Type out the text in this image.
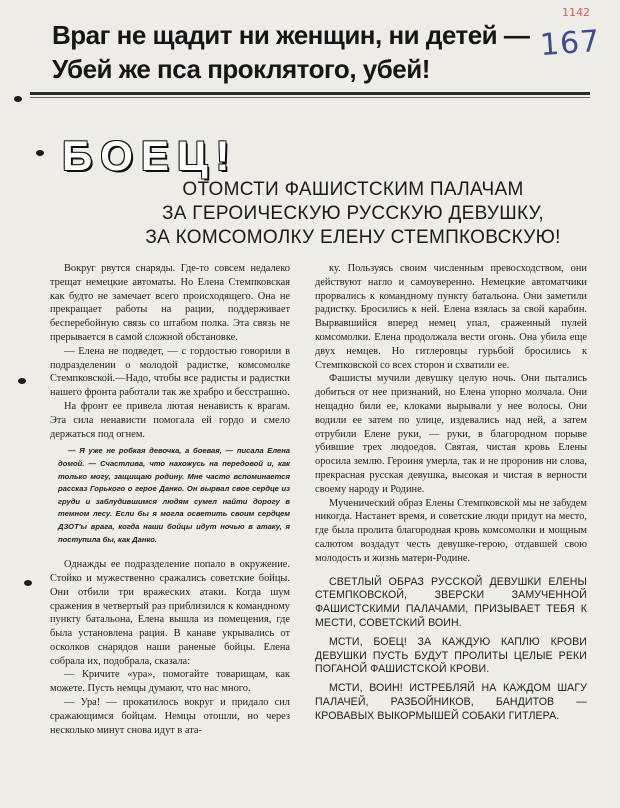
1142
167
Враг не щадит ни женщин, ни детей —
Убей же пса проклятого, убей!
БОЕЦ!
ОТОМСТИ ФАШИСТСКИМ ПАЛАЧАМ
ЗА ГЕРОИЧЕСКУЮ РУССКУЮ ДЕВУШКУ,
ЗА КОМСОМОЛКУ ЕЛЕНУ СТЕМПКОВСКУЮ!

Вокруг рвутся снаряды. Где-то совсем недалеко трещат немецкие автоматы. Но Елена Стемпковская как будто не замечает всего происходящего. Она не прекращает работы на рации, поддерживает бесперебойную связь со штабом полка. Эта связь не прерывается в самой сложной обстановке.

— Елена не подведет, — с гордостью говорили в подразделении о молодой радистке, комсомолке Стемпковской.—Надо, чтобы все радисты и радистки нашего фронта работали так же храбро и бесстрашно.

На фронт ее привела лютая ненависть к врагам. Эта сила ненависти помогала ей гордо и смело держаться под огнем.

— Я уже не робкая девочка, а боевая, — писала Елена домой. — Счастлива, что нахожусь на передовой и, как только могу, защищаю родину. Мне часто вспоминается рассказ Горького о герое Данко. Он вырвал свое сердце из груди и заблудившимся людям сумел найти дорогу в темном лесу. Если бы я могла осветить своим сердцем ДЗОТ'ы врага, когда наши бойцы идут ночью в атаку, я поступила бы, как Данко.

Однажды ее подразделение попало в окружение. Стойко и мужественно сражались советские бойцы. Они отбили три вражеских атаки. Когда шум сражения в четвертый раз приблизился к командному пункту батальона, Елена вышла из помещения, где была установлена рация. В канаве укрывались от осколков снарядов наши раненые бойцы. Елена собрала их, подобрала, сказала:

— Кричите «ура», помогайте товарищам, как можете. Пусть немцы думают, что нас много.

— Ура! — прокатилось вокруг и придало сил сражающимся бойцам. Немцы отошли, но через несколько минут снова идут в ата-

ку. Пользуясь своим численным превосходством, они действуют нагло и самоуверенно. Немецкие автоматчики прорвались к командному пункту батальона. Они заметили радистку. Бросились к ней. Елена взялась за свой карабин. Вырвавшийся вперед немец упал, сраженный пулей комсомолки. Елена продолжала вести огонь. Она убила еще двух немцев. Но гитлеровцы гурьбой бросились к Стемпковской со всех сторон и схватили ее.

Фашисты мучили девушку целую ночь. Они пытались добиться от нее признаний, но Елена упорно молчала. Они нещадно били ее, клоками вырывали у нее волосы. Они водили ее затем по улице, издевались над ней, а затем отрубили Елене руки, — руки, в благородном порыве убившие трех людоедов. Святая, чистая кровь Елены оросила землю. Героиня умерла, так и не проронив ни слова, прекрасная русская девушка, высокая и чистая в верности своему народу и Родине.

Мученический образ Елены Стемпковской мы не забудем никогда. Настанет время, и советские люди придут на место, где была пролита благородная кровь комсомолки и мощным салютом воздадут честь девушке-герою, отдавшей свою молодость и жизнь матери-Родине.

СВЕТЛЫЙ ОБРАЗ РУССКОЙ ДЕВУШКИ ЕЛЕНЫ СТЕМПКОВСКОЙ, ЗВЕРСКИ ЗАМУЧЕННОЙ ФАШИСТСКИМИ ПАЛАЧАМИ, ПРИЗЫВАЕТ ТЕБЯ К МЕСТИ, СОВЕТСКИЙ ВОИН.

МСТИ, БОЕЦ! ЗА КАЖДУЮ КАПЛЮ КРОВИ ДЕВУШКИ ПУСТЬ БУДУТ ПРОЛИТЫ ЦЕЛЫЕ РЕКИ ПОГАНОЙ ФАШИСТСКОЙ КРОВИ.

МСТИ, ВОИН! ИСТРЕБЛЯЙ НА КАЖДОМ ШАГУ ПАЛАЧЕЙ, РАЗБОЙНИКОВ, БАНДИТОВ — КРОВАВЫХ ВЫКОРМЫШЕЙ СОБАКИ ГИТЛЕРА.
